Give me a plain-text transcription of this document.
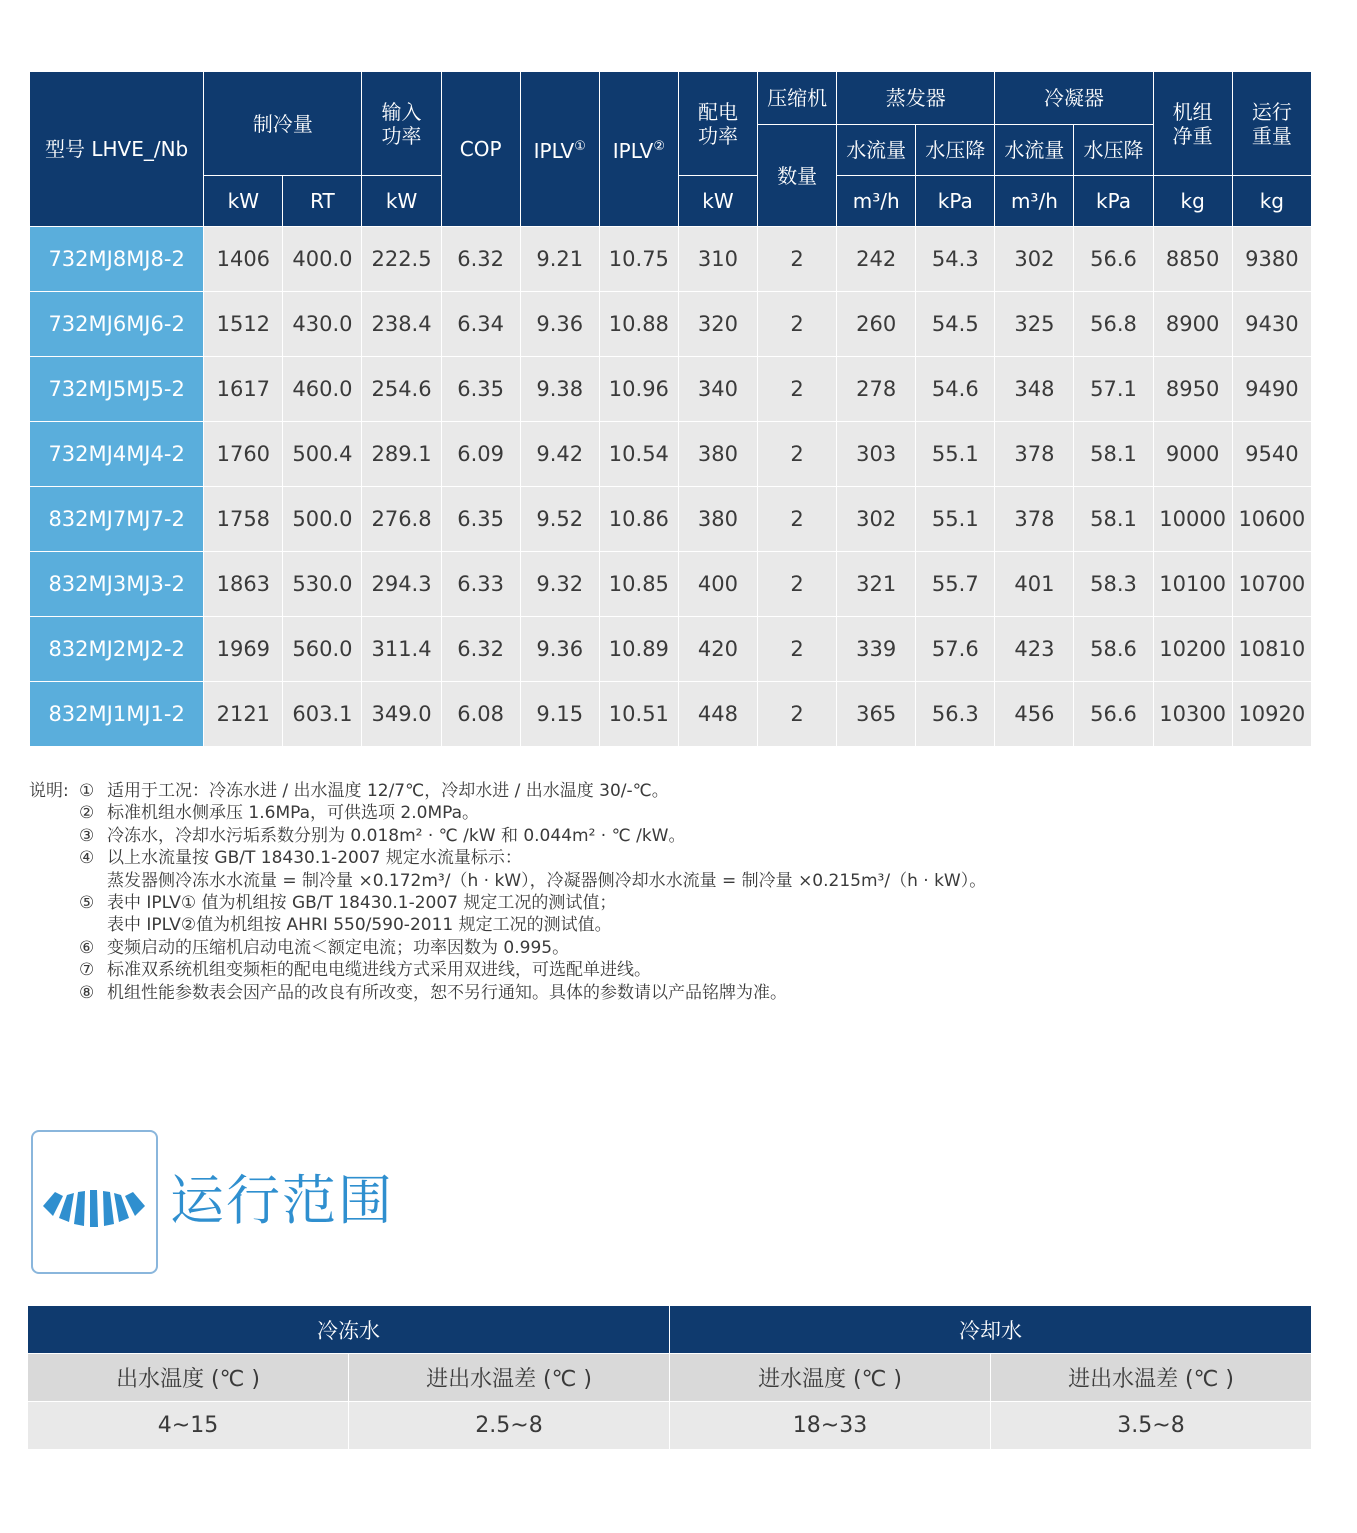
型号 LHVE_/Nb	制冷量		输入功率	COP	IPLV①	IPLV②	配电功率	压缩机	蒸发器		冷凝器		机组净重	运行重量
								数量	水流量	水压降	水流量	水压降		
	kW	RT	kW				kW		m³/h	kPa	m³/h	kPa	kg	kg
732MJ8MJ8-2	1406	400.0	222.5	6.32	9.21	10.75	310	2	242	54.3	302	56.6	8850	9380
732MJ6MJ6-2	1512	430.0	238.4	6.34	9.36	10.88	320	2	260	54.5	325	56.8	8900	9430
732MJ5MJ5-2	1617	460.0	254.6	6.35	9.38	10.96	340	2	278	54.6	348	57.1	8950	9490
732MJ4MJ4-2	1760	500.4	289.1	6.09	9.42	10.54	380	2	303	55.1	378	58.1	9000	9540
832MJ7MJ7-2	1758	500.0	276.8	6.35	9.52	10.86	380	2	302	55.1	378	58.1	10000	10600
832MJ3MJ3-2	1863	530.0	294.3	6.33	9.32	10.85	400	2	321	55.7	401	58.3	10100	10700
832MJ2MJ2-2	1969	560.0	311.4	6.32	9.36	10.89	420	2	339	57.6	423	58.6	10200	10810
832MJ1MJ1-2	2121	603.1	349.0	6.08	9.15	10.51	448	2	365	56.3	456	56.6	10300	10920
说明: ① 适用于工况：冷冻水进 / 出水温度 12/7℃，冷却水进 / 出水温度 30/-℃。
② 标准机组水侧承压 1.6MPa，可供选项 2.0MPa。
③ 冷冻水，冷却水污垢系数分别为 0.018m² · ℃ /kW 和 0.044m² · ℃ /kW。
④ 以上水流量按 GB/T 18430.1-2007 规定水流量标示：
蒸发器侧冷冻水水流量 = 制冷量 ×0.172m³/（h · kW），冷凝器侧冷却水水流量 = 制冷量 ×0.215m³/（h · kW）。
⑤ 表中 IPLV① 值为机组按 GB/T 18430.1-2007 规定工况的测试值；
表中 IPLV②值为机组按 AHRI 550/590-2011 规定工况的测试值。
⑥ 变频启动的压缩机启动电流＜额定电流；功率因数为 0.995。
⑦ 标准双系统机组变频柜的配电电缆进线方式采用双进线，可选配单进线。
⑧ 机组性能参数表会因产品的改良有所改变，恕不另行通知。具体的参数请以产品铭牌为准。
运行范围
冷冻水		冷却水	
出水温度 (℃ )	进出水温差 (℃ )	进水温度 (℃ )	进出水温差 (℃ )
4~15	2.5~8	18~33	3.5~8
